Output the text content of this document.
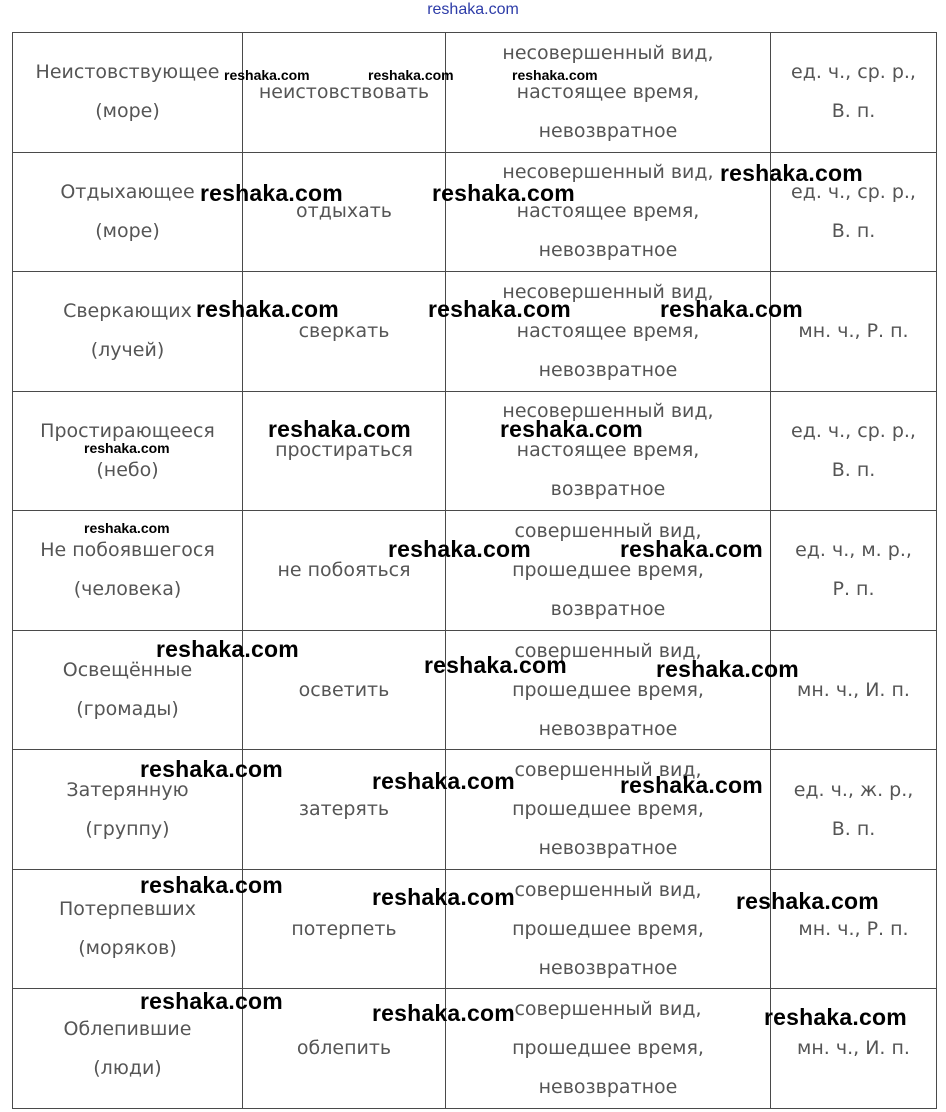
reshaka.com
Неистовствующее
(море)	неистовствовать	несовершенный вид,
настоящее время,
невозвратное	ед. ч., ср. р.,
В. п.

Отдыхающее
(море)	отдыхать	несовершенный вид,
настоящее время,
невозвратное	ед. ч., ср. р.,
В. п.

Сверкающих
(лучей)	сверкать	несовершенный вид,
настоящее время,
невозвратное	мн. ч., Р. п.

Простирающееся
(небо)	простираться	несовершенный вид,
настоящее время,
возвратное	ед. ч., ср. р.,
В. п.

Не побоявшегося
(человека)	не побояться	совершенный вид,
прошедшее время,
возвратное	ед. ч., м. р.,
Р. п.

Освещённые
(громады)	осветить	совершенный вид,
прошедшее время,
невозвратное	мн. ч., И. п.

Затерянную
(группу)	затерять	совершенный вид,
прошедшее время,
невозвратное	ед. ч., ж. р.,
В. п.

Потерпевших
(моряков)	потерпеть	совершенный вид,
прошедшее время,
невозвратное	мн. ч., Р. п.

Облепившие
(люди)	облепить	совершенный вид,
прошедшее время,
невозвратное	мн. ч., И. п.
reshaka.com	reshaka.com	reshaka.com
reshaka.com
reshaka.com	reshaka.com
reshaka.com	reshaka.com	reshaka.com
reshaka.com	reshaka.com
reshaka.com
reshaka.com
reshaka.com	reshaka.com
reshaka.com
reshaka.com	reshaka.com
reshaka.com	reshaka.com	reshaka.com
reshaka.com	reshaka.com	reshaka.com
reshaka.com	reshaka.com	reshaka.com
